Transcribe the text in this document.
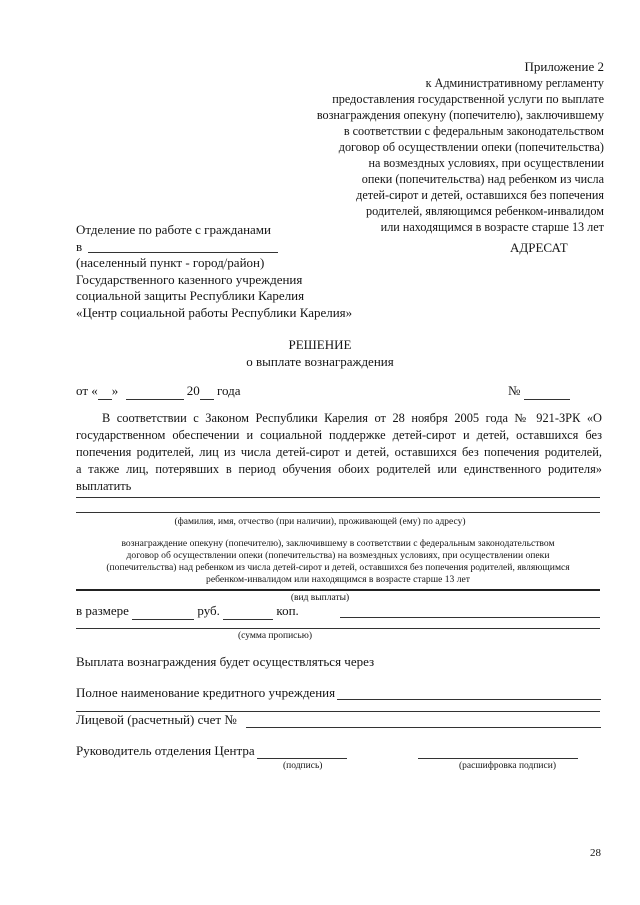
Приложение 2
к Административному регламенту
предоставления государственной услуги по выплате
вознаграждения опекуну (попечителю), заключившему
в соответствии с федеральным законодательством
договор об осуществлении опеки (попечительства)
на возмездных условиях, при осуществлении
опеки (попечительства) над ребенком из числа
детей-сирот и детей, оставшихся без попечения
родителей, являющимся ребенком-инвалидом
или находящимся в возрасте старше 13 лет
Отделение по работе с гражданами
в
(населенный пункт - город/район)
Государственного казенного учреждения
социальной защиты Республики Карелия
«Центр социальной работы Республики Карелия»
АДРЕСАТ
РЕШЕНИЕ
о выплате вознаграждения
от « »	20 года	№
В соответствии с Законом Республики Карелия от 28 ноября 2005 года № 921-ЗРК «О
государственном обеспечении и социальной поддержке детей-сирот и детей, оставшихся без
попечения родителей, лиц из числа детей-сирот и детей, оставшихся без попечения родителей,
а также лиц, потерявших в период обучения обоих родителей или единственного родителя»
выплатить
(фамилия, имя, отчество (при наличии), проживающей (ему) по адресу)
вознаграждение опекуну (попечителю), заключившему в соответствии с федеральным законодательством
договор об осуществлении опеки (попечительства) на возмездных условиях, при осуществлении опеки
(попечительства) над ребенком из числа детей-сирот и детей, оставшихся без попечения родителей, являющимся
ребенком-инвалидом или находящимся в возрасте старше 13 лет
(вид выплаты)
в размере	руб.	коп.
(сумма прописью)
Выплата вознаграждения будет осуществляться через
Полное наименование кредитного учреждения
Лицевой (расчетный) счет №
Руководитель отделения Центра
(подпись)	(расшифровка подписи)
28
